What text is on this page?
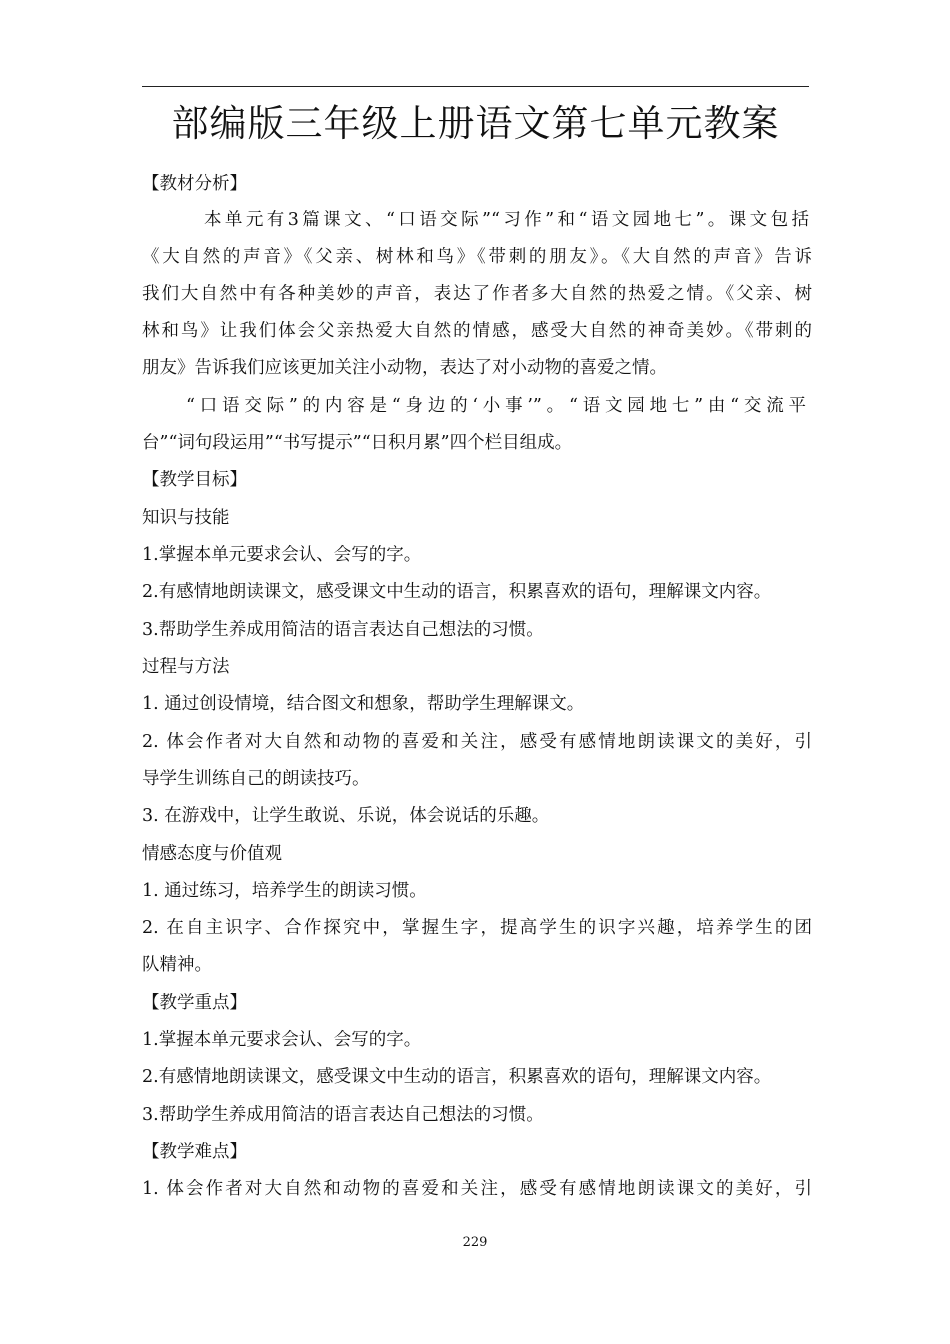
部编版三年级上册语文第七单元教案
【教材分析】
本单元有3篇课文、“口语交际”“习作”和“语文园地七”。课文包括
《大自然的声音》《父亲、树林和鸟》《带刺的朋友》。《大自然的声音》告诉
我们大自然中有各种美妙的声音，表达了作者多大自然的热爱之情。《父亲、树
林和鸟》让我们体会父亲热爱大自然的情感，感受大自然的神奇美妙。《带刺的
朋友》告诉我们应该更加关注小动物，表达了对小动物的喜爱之情。
“口语交际”的内容是“身边的‘小事’”。“语文园地七”由“交流平
台”“词句段运用”“书写提示”“日积月累”四个栏目组成。
【教学目标】
知识与技能
1.掌握本单元要求会认、会写的字。
2.有感情地朗读课文，感受课文中生动的语言，积累喜欢的语句，理解课文内容。
3.帮助学生养成用简洁的语言表达自己想法的习惯。
过程与方法
1. 通过创设情境，结合图文和想象，帮助学生理解课文。
2. 体会作者对大自然和动物的喜爱和关注，感受有感情地朗读课文的美好，引
导学生训练自己的朗读技巧。
3. 在游戏中，让学生敢说、乐说，体会说话的乐趣。
情感态度与价值观
1. 通过练习，培养学生的朗读习惯。
2. 在自主识字、合作探究中，掌握生字，提高学生的识字兴趣，培养学生的团
队精神。
【教学重点】
1.掌握本单元要求会认、会写的字。
2.有感情地朗读课文，感受课文中生动的语言，积累喜欢的语句，理解课文内容。
3.帮助学生养成用简洁的语言表达自己想法的习惯。
【教学难点】
1. 体会作者对大自然和动物的喜爱和关注，感受有感情地朗读课文的美好，引
229
